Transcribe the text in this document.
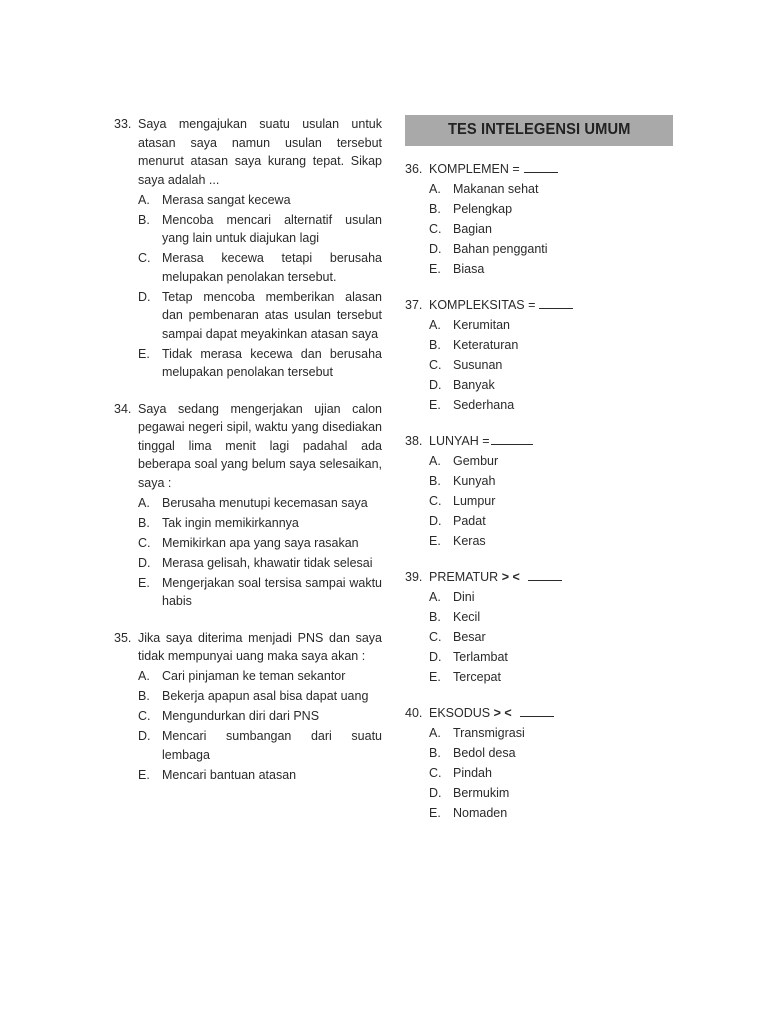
33. Saya mengajukan suatu usulan untuk atasan saya namun usulan tersebut menurut atasan saya kurang tepat. Sikap saya adalah ...
A. Merasa sangat kecewa
B. Mencoba mencari alternatif usulan yang lain untuk diajukan lagi
C. Merasa kecewa tetapi berusaha melupakan penolakan tersebut.
D. Tetap mencoba memberikan alasan dan pembenaran atas usulan tersebut sampai dapat meyakinkan atasan saya
E. Tidak merasa kecewa dan berusaha melupakan penolakan tersebut
34. Saya sedang mengerjakan ujian calon pegawai negeri sipil, waktu yang disediakan tinggal lima menit lagi padahal ada beberapa soal yang belum saya selesaikan, saya :
A. Berusaha menutupi kecemasan saya
B. Tak ingin memikirkannya
C. Memikirkan apa yang saya rasakan
D. Merasa gelisah, khawatir tidak selesai
E. Mengerjakan soal tersisa sampai waktu habis
35. Jika saya diterima menjadi PNS dan saya tidak mempunyai uang maka saya akan :
A. Cari pinjaman ke teman sekantor
B. Bekerja apapun asal bisa dapat uang
C. Mengundurkan diri dari PNS
D. Mencari sumbangan dari suatu lembaga
E. Mencari bantuan atasan
TES INTELEGENSI UMUM
36. KOMPLEMEN =
A. Makanan sehat
B. Pelengkap
C. Bagian
D. Bahan pengganti
E. Biasa
37. KOMPLEKSITAS =
A. Kerumitan
B. Keteraturan
C. Susunan
D. Banyak
E. Sederhana
38. LUNYAH =
A. Gembur
B. Kunyah
C. Lumpur
D. Padat
E. Keras
39. PREMATUR > <
A. Dini
B. Kecil
C. Besar
D. Terlambat
E. Tercepat
40. EKSODUS > <
A. Transmigrasi
B. Bedol desa
C. Pindah
D. Bermukim
E. Nomaden
